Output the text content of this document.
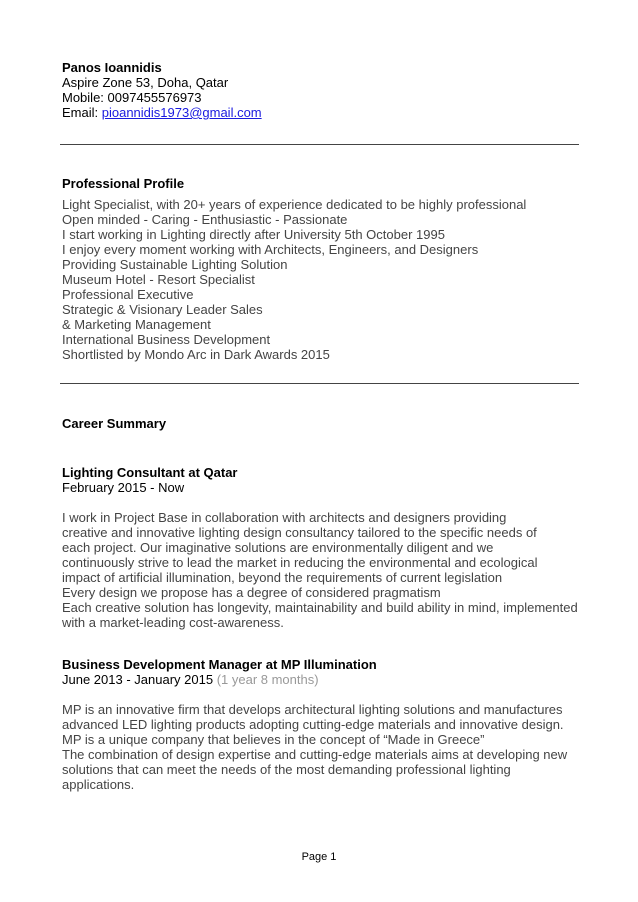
Panos Ioannidis
Aspire Zone 53, Doha, Qatar
Mobile: 0097455576973
Email: pioannidis1973@gmail.com
Professional Profile
Light Specialist, with 20+ years of experience dedicated to be highly professional
Open minded - Caring - Enthusiastic - Passionate
I start working in Lighting directly after University 5th October 1995
I enjoy every moment working with Architects, Engineers, and Designers
Providing Sustainable Lighting Solution
Museum Hotel - Resort Specialist
Professional Executive
Strategic & Visionary Leader Sales
& Marketing Management
International Business Development
Shortlisted by Mondo Arc in Dark Awards 2015
Career Summary
Lighting Consultant at Qatar
February 2015 - Now
I work in Project Base in collaboration with architects and designers providing
creative and innovative lighting design consultancy tailored to the specific needs of
each project. Our imaginative solutions are environmentally diligent and we
continuously strive to lead the market in reducing the environmental and ecological
impact of artificial illumination, beyond the requirements of current legislation
Every design we propose has a degree of considered pragmatism
Each creative solution has longevity, maintainability and build ability in mind, implemented
with a market-leading cost-awareness.
Business Development Manager at MP Illumination
June 2013 - January 2015 (1 year 8 months)
MP is an innovative firm that develops architectural lighting solutions and manufactures
advanced LED lighting products adopting cutting-edge materials and innovative design.
MP is a unique company that believes in the concept of “Made in Greece”
The combination of design expertise and cutting-edge materials aims at developing new
solutions that can meet the needs of the most demanding professional lighting
applications.
Page 1
